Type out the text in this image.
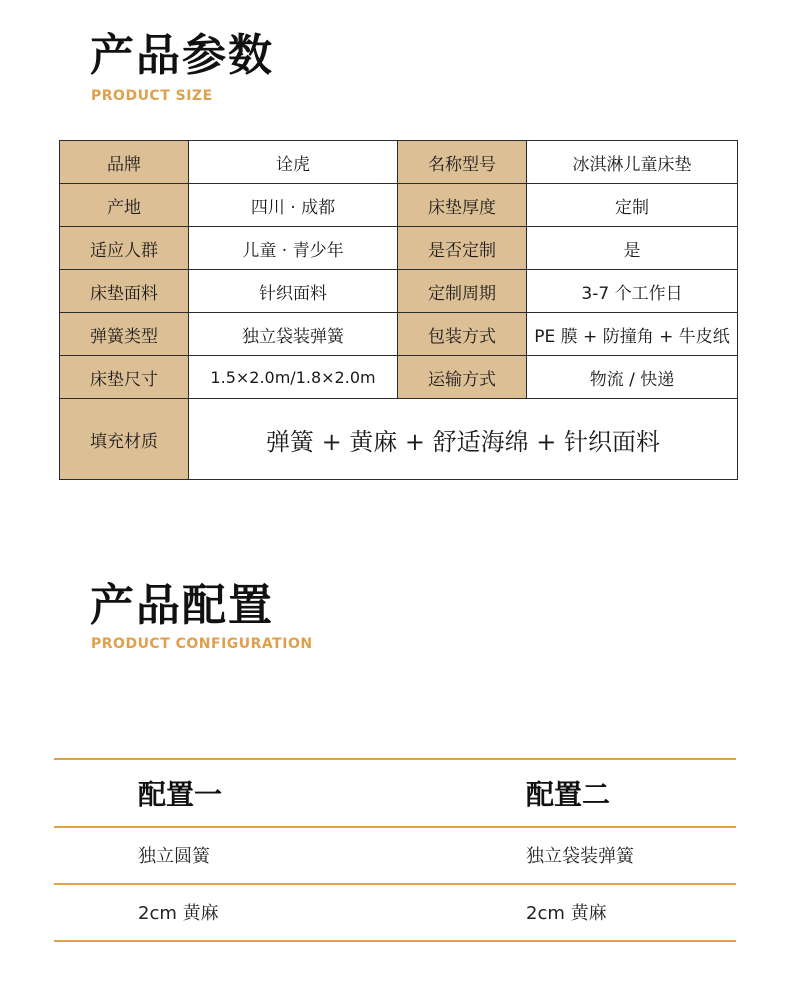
产品参数
PRODUCT SIZE
品牌	诠虎	名称型号	冰淇淋儿童床垫
产地	四川 · 成都	床垫厚度	定制
适应人群	儿童 · 青少年	是否定制	是
床垫面料	针织面料	定制周期	3-7 个工作日
弹簧类型	独立袋装弹簧	包装方式	PE 膜 + 防撞角 + 牛皮纸
床垫尺寸	1.5×2.0m/1.8×2.0m	运输方式	物流 / 快递
填充材质	弹簧 + 黄麻 + 舒适海绵 + 针织面料		
产品配置
PRODUCT CONFIGURATION
配置一	配置二
独立圆簧	独立袋装弹簧
2cm 黄麻	2cm 黄麻
